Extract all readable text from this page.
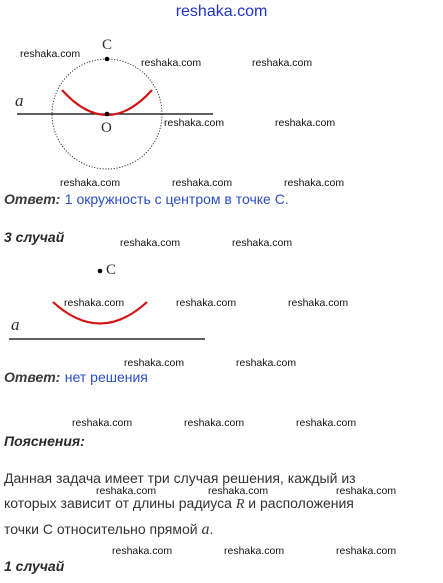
reshaka.com
a
C
O
a
C
Ответ: 1 окружность с центром в точке С.
3 случай
Ответ: нет решения
Пояснения:
Данная задача имеет три случая решения, каждый из
которых зависит от длины радиуса R и расположения
точки С относительно прямой a.
1 случай
reshaka.com
reshaka.com	reshaka.com
reshaka.com	reshaka.com
reshaka.com	reshaka.com	reshaka.com
reshaka.com	reshaka.com
reshaka.com	reshaka.com	reshaka.com
reshaka.com	reshaka.com
reshaka.com	reshaka.com	reshaka.com
reshaka.com	reshaka.com	reshaka.com
reshaka.com	reshaka.com	reshaka.com
